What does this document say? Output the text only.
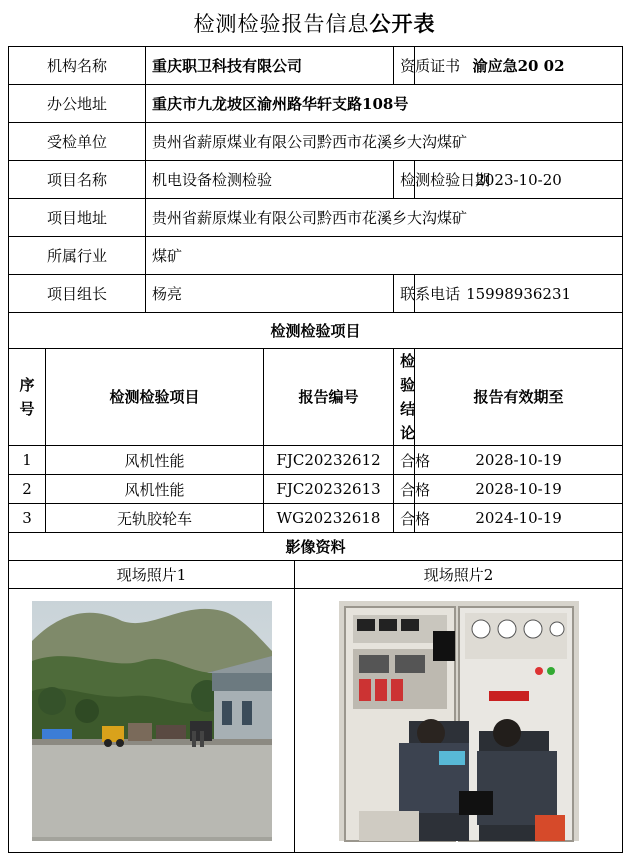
检测检验报告信息公开表
机构名称		重庆职卫科技有限公司			资质证书	渝应急20 02
办公地址		重庆市九龙坡区渝州路华轩支路108号				
受检单位		贵州省薪原煤业有限公司黔西市花溪乡大沟煤矿				
项目名称		机电设备检测检验			检测检验日期	2023-10-20
项目地址		贵州省薪原煤业有限公司黔西市花溪乡大沟煤矿				
所属行业		煤矿				
项目组长		杨亮			联系电话	15998936231
检测检验项目						
序号	检测检验项目		报告编号		检验结论	报告有效期至
1	风机性能		FJC20232612		合格	2028-10-19
2	风机性能		FJC20232613		合格	2028-10-19
3	无轨胶轮车		WG20232618		合格	2024-10-19
影像资料						
现场照片1				现场照片2		
